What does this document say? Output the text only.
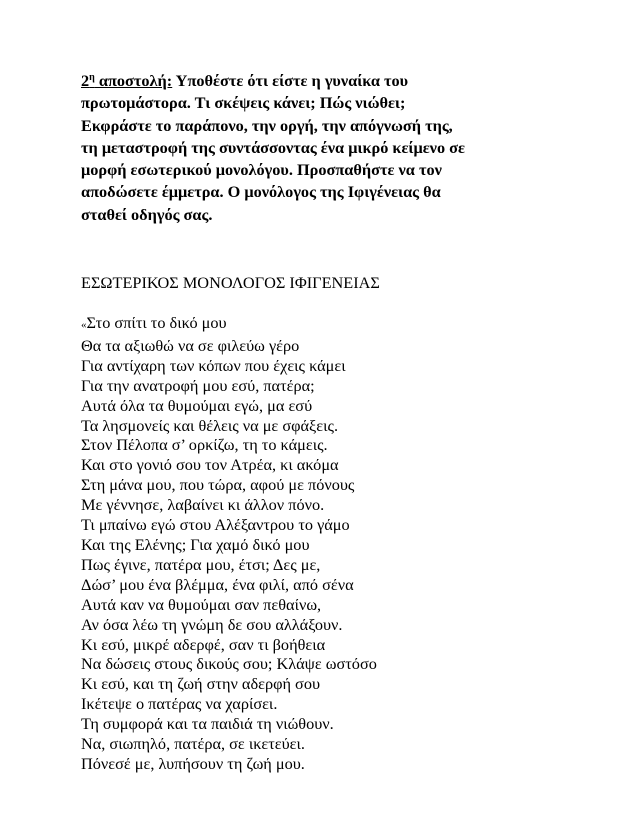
$2^\eta$ αποστολή: Υποθέστε ότι είστε η γυναίκα του
πρωτομάστορα. Τι σκέψεις κάνει; Πώς νιώθει;
Εκφράστε το παράπονο, την οργή, την απόγνωσή της,
τη μεταστροφή της συντάσσοντας ένα μικρό κείμενο σε
μορφή εσωτερικού μονολόγου. Προσπαθήστε να τον
αποδώσετε έμμετρα. Ο μονόλογος της Ιφιγένειας θα
σταθεί οδηγός σας.

ΕΣΩΤΕΡΙΚΟΣ ΜΟΝΟΛΟΓΟΣ ΙΦΙΓΕΝΕΙΑΣ
«Στο σπίτι το δικό μου
Θα τα αξιωθώ να σε φιλεύω γέρο
Για αντίχαρη των κόπων που έχεις κάμει
Για την ανατροφή μου εσύ, πατέρα;
Αυτά όλα τα θυμούμαι εγώ, μα εσύ
Τα λησμονείς και θέλεις να με σφάξεις.
Στον Πέλοπα σ’ ορκίζω, τη το κάμεις.
Και στο γονιό σου τον Ατρέα, κι ακόμα
Στη μάνα μου, που τώρα, αφού με πόνους
Με γέννησε, λαβαίνει κι άλλον πόνο.
Τι μπαίνω εγώ στου Αλέξαντρου το γάμο
Και της Ελένης; Για χαμό δικό μου
Πως έγινε, πατέρα μου, έτσι; Δες με,
Δώσ’ μου ένα βλέμμα, ένα φιλί, από σένα
Αυτά καν να θυμούμαι σαν πεθαίνω,
Αν όσα λέω τη γνώμη δε σου αλλάξουν.
Κι εσύ, μικρέ αδερφέ, σαν τι βοήθεια
Να δώσεις στους δικούς σου; Κλάψε ωστόσο
Κι εσύ, και τη ζωή στην αδερφή σου
Ικέτεψε ο πατέρας να χαρίσει.
Τη συμφορά και τα παιδιά τη νιώθουν.
Να, σιωπηλό, πατέρα, σε ικετεύει.
Πόνεσέ με, λυπήσουν τη ζωή μου.
